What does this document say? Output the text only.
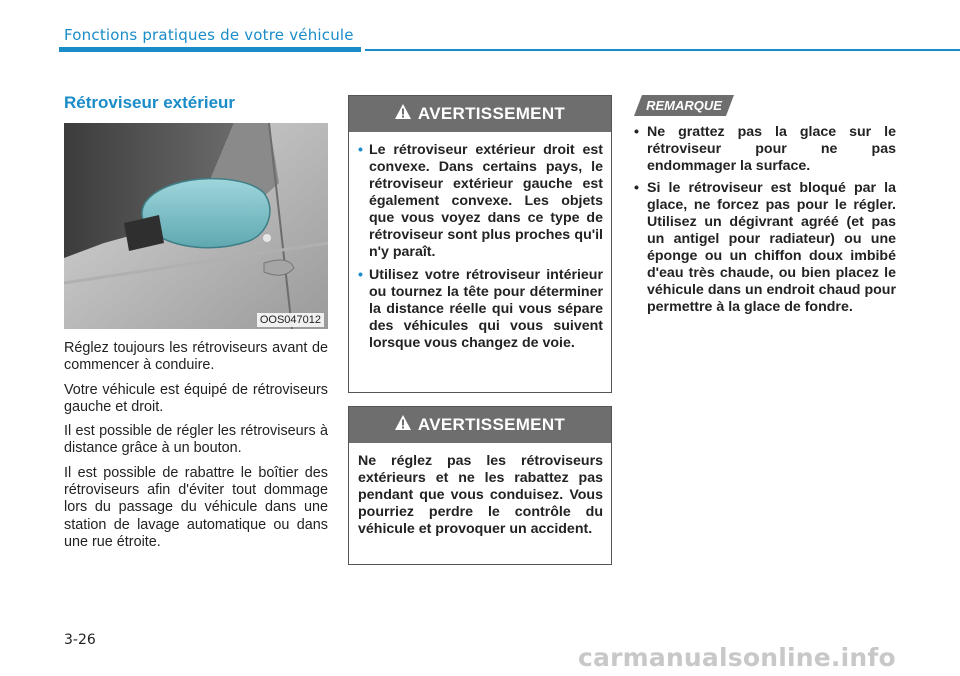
Fonctions pratiques de votre véhicule
Rétroviseur extérieur
OOS047012

Réglez toujours les rétroviseurs avant de commencer à conduire.

Votre véhicule est équipé de rétroviseurs gauche et droit.

Il est possible de régler les rétroviseurs à distance grâce à un bouton.

Il est possible de rabattre le boîtier des rétroviseurs afin d'éviter tout dommage lors du passage du véhicule dans une station de lavage automatique ou dans une rue étroite.

AVERTISSEMENT
• Le rétroviseur extérieur droit est convexe. Dans certains pays, le rétroviseur extérieur gauche est également convexe. Les objets que vous voyez dans ce type de rétroviseur sont plus proches qu'il n'y paraît.
• Utilisez votre rétroviseur intérieur ou tournez la tête pour déterminer la distance réelle qui vous sépare des véhicules qui vous suivent lorsque vous changez de voie.
AVERTISSEMENT
Ne réglez pas les rétroviseurs extérieurs et ne les rabattez pas pendant que vous conduisez. Vous pourriez perdre le contrôle du véhicule et provoquer un accident.
REMARQUE
• Ne grattez pas la glace sur le rétroviseur pour ne pas endommager la surface.
• Si le rétroviseur est bloqué par la glace, ne forcez pas pour le régler. Utilisez un dégivrant agréé (et pas un antigel pour radiateur) ou une éponge ou un chiffon doux imbibé d'eau très chaude, ou bien placez le véhicule dans un endroit chaud pour permettre à la glace de fondre.
3-26
carmanualsonline.info
